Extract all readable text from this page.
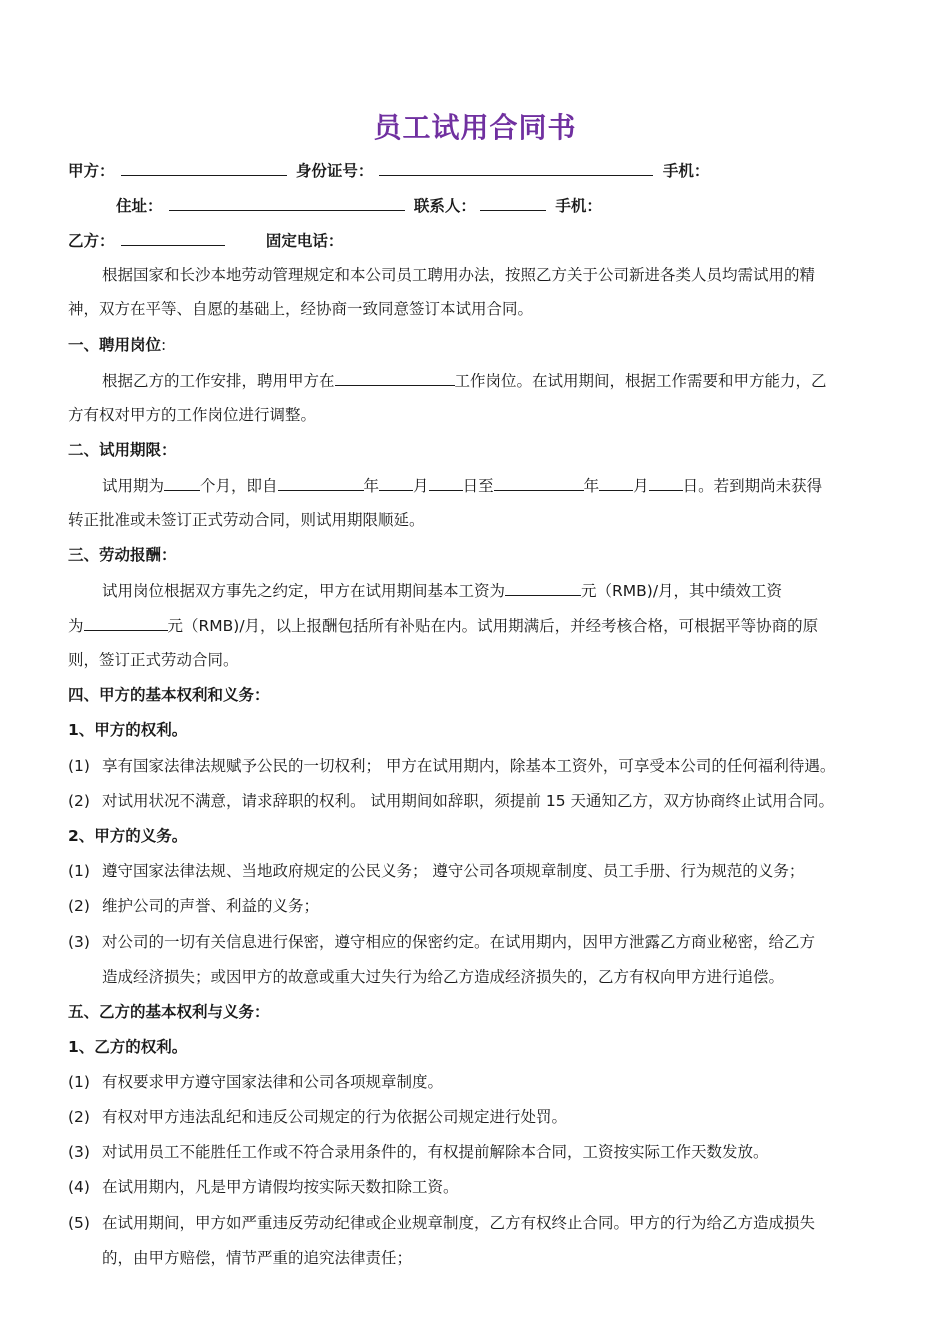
员工试用合同书
甲方：	身份证号：	手机：
住址：	联系人：	手机：
乙方：	固定电话：
根据国家和长沙本地劳动管理规定和本公司员工聘用办法，按照乙方关于公司新进各类人员均需试用的精
神，双方在平等、自愿的基础上，经协商一致同意签订本试用合同。
一、聘用岗位:
根据乙方的工作安排，聘用甲方在	工作岗位。在试用期间，根据工作需要和甲方能力，乙
方有权对甲方的工作岗位进行调整。
二、试用期限：
试用期为 个月，即自	年 月 日至	年 月 日。若到期尚未获得
转正批准或未签订正式劳动合同，则试用期限顺延。
三、劳动报酬：
试用岗位根据双方事先之约定，甲方在试用期间基本工资为	元（RMB)/月，其中绩效工资
为	元（RMB)/月，以上报酬包括所有补贴在内。试用期满后，并经考核合格，可根据平等协商的原
则，签订正式劳动合同。
四、甲方的基本权利和义务：
1、甲方的权利。
(1) 享有国家法律法规赋予公民的一切权利； 甲方在试用期内，除基本工资外，可享受本公司的任何福利待遇。
(2) 对试用状况不满意，请求辞职的权利。 试用期间如辞职，须提前 15 天通知乙方，双方协商终止试用合同。
2、甲方的义务。
(1) 遵守国家法律法规、当地政府规定的公民义务； 遵守公司各项规章制度、员工手册、行为规范的义务；
(2) 维护公司的声誉、利益的义务；
(3) 对公司的一切有关信息进行保密，遵守相应的保密约定。在试用期内，因甲方泄露乙方商业秘密，给乙方
造成经济损失；或因甲方的故意或重大过失行为给乙方造成经济损失的，乙方有权向甲方进行追偿。
五、乙方的基本权利与义务：
1、乙方的权利。
(1) 有权要求甲方遵守国家法律和公司各项规章制度。
(2) 有权对甲方违法乱纪和违反公司规定的行为依据公司规定进行处罚。
(3) 对试用员工不能胜任工作或不符合录用条件的，有权提前解除本合同，工资按实际工作天数发放。
(4) 在试用期内，凡是甲方请假均按实际天数扣除工资。
(5) 在试用期间，甲方如严重违反劳动纪律或企业规章制度，乙方有权终止合同。甲方的行为给乙方造成损失
的，由甲方赔偿，情节严重的追究法律责任；
